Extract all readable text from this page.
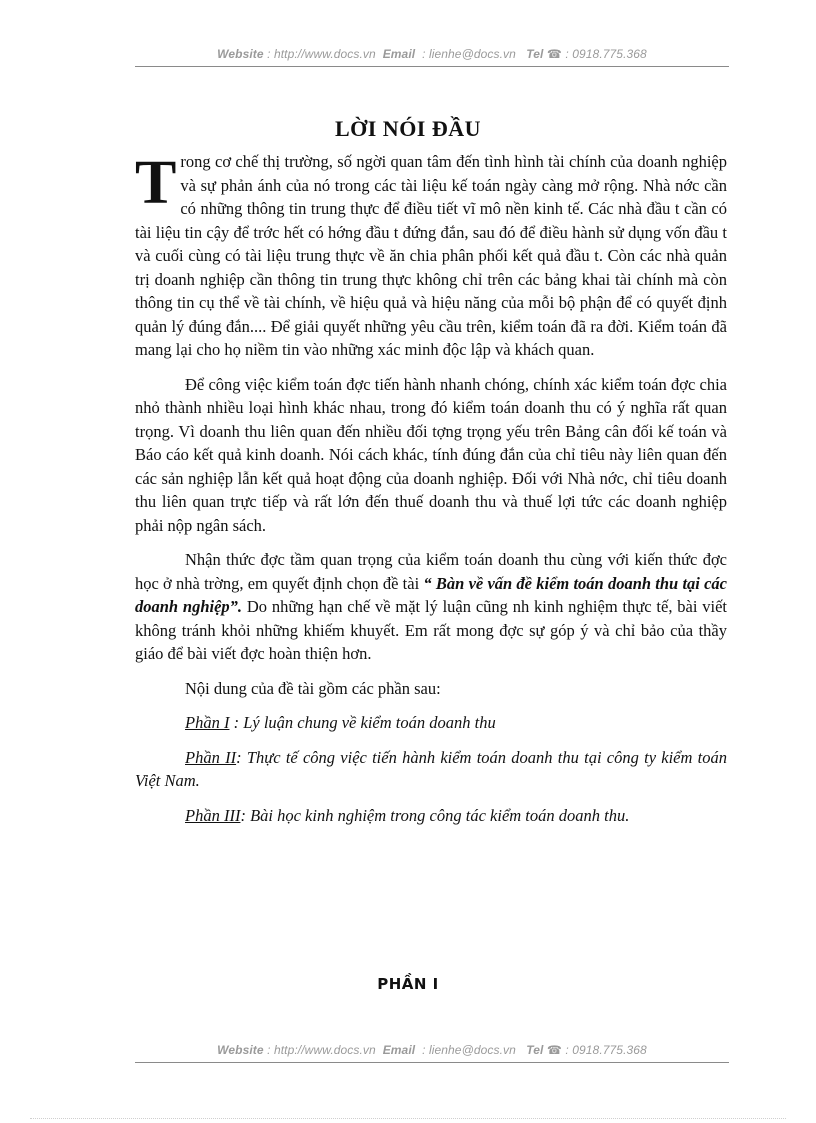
Website : http://www.docs.vn Email : lienhe@docs.vn Tel ☎ : 0918.775.368
LỜI NÓI ĐẦU

Trong cơ chế thị trường, số ngời quan tâm đến tình hình tài chính của doanh nghiệp và sự phản ánh của nó trong các tài liệu kế toán ngày càng mở rộng. Nhà nớc cần có những thông tin trung thực để điều tiết vĩ mô nền kinh tế. Các nhà đầu t cần có tài liệu tin cậy để trớc hết có hớng đầu t đứng đắn, sau đó để điều hành sử dụng vốn đầu t và cuối cùng có tài liệu trung thực về ăn chia phân phối kết quả đầu t. Còn các nhà quản trị doanh nghiệp cần thông tin trung thực không chỉ trên các bảng khai tài chính mà còn thông tin cụ thể về tài chính, về hiệu quả và hiệu năng của mỗi bộ phận để có quyết định quản lý đúng đắn.... Để giải quyết những yêu cầu trên, kiểm toán đã ra đời. Kiểm toán đã mang lại cho họ niềm tin vào những xác minh độc lập và khách quan.

Để công việc kiểm toán đợc tiến hành nhanh chóng, chính xác kiểm toán đợc chia nhỏ thành nhiều loại hình khác nhau, trong đó kiểm toán doanh thu có ý nghĩa rất quan trọng. Vì doanh thu liên quan đến nhiều đối tợng trọng yếu trên Bảng cân đối kế toán và Báo cáo kết quả kinh doanh. Nói cách khác, tính đúng đắn của chỉ tiêu này liên quan đến các sản nghiệp lẫn kết quả hoạt động của doanh nghiệp. Đối với Nhà nớc, chỉ tiêu doanh thu liên quan trực tiếp và rất lớn đến thuế doanh thu và thuế lợi tức các doanh nghiệp phải nộp ngân sách.

Nhận thức đợc tầm quan trọng của kiểm toán doanh thu cùng với kiến thức đợc học ở nhà trờng, em quyết định chọn đề tài “ Bàn về vấn đề kiểm toán doanh thu tại các doanh nghiệp”. Do những hạn chế về mặt lý luận cũng nh kinh nghiệm thực tế, bài viết không tránh khỏi những khiếm khuyết. Em rất mong đợc sự góp ý và chỉ bảo của thầy giáo để bài viết đợc hoàn thiện hơn.

Nội dung của đề tài gồm các phần sau:

Phần I : Lý luận chung về kiểm toán doanh thu

Phần II: Thực tế công việc tiến hành kiểm toán doanh thu tại công ty kiểm toán Việt Nam.

Phần III: Bài học kinh nghiệm trong công tác kiểm toán doanh thu.

PHẦN I
Website : http://www.docs.vn Email : lienhe@docs.vn Tel ☎ : 0918.775.368
